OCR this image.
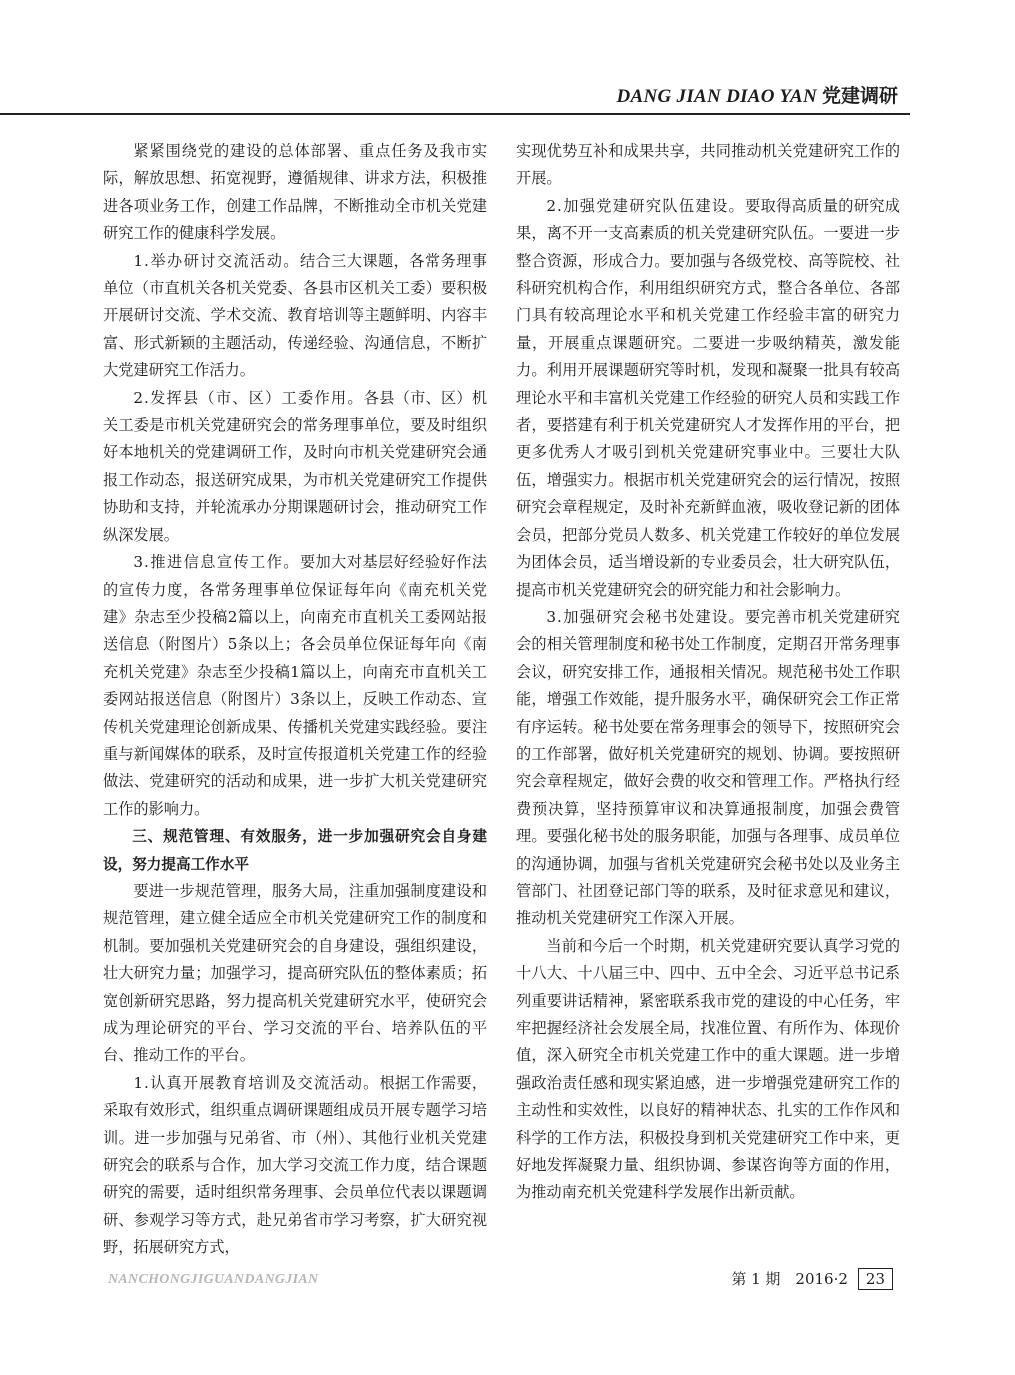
DANG JIAN DIAO YAN 党建调研

紧紧围绕党的建设的总体部署、重点任务及我市实际，解放思想、拓宽视野，遵循规律、讲求方法，积极推进各项业务工作，创建工作品牌，不断推动全市机关党建研究工作的健康科学发展。

1.举办研讨交流活动。结合三大课题，各常务理事单位（市直机关各机关党委、各县市区机关工委）要积极开展研讨交流、学术交流、教育培训等主题鲜明、内容丰富、形式新颖的主题活动，传递经验、沟通信息，不断扩大党建研究工作活力。

2.发挥县（市、区）工委作用。各县（市、区）机关工委是市机关党建研究会的常务理事单位，要及时组织好本地机关的党建调研工作，及时向市机关党建研究会通报工作动态，报送研究成果，为市机关党建研究工作提供协助和支持，并轮流承办分期课题研讨会，推动研究工作纵深发展。

3.推进信息宣传工作。要加大对基层好经验好作法的宣传力度，各常务理事单位保证每年向《南充机关党建》杂志至少投稿2篇以上，向南充市直机关工委网站报送信息（附图片）5条以上；各会员单位保证每年向《南充机关党建》杂志至少投稿1篇以上，向南充市直机关工委网站报送信息（附图片）3条以上，反映工作动态、宣传机关党建理论创新成果、传播机关党建实践经验。要注重与新闻媒体的联系，及时宣传报道机关党建工作的经验做法、党建研究的活动和成果，进一步扩大机关党建研究工作的影响力。

三、规范管理、有效服务，进一步加强研究会自身建设，努力提高工作水平

要进一步规范管理，服务大局，注重加强制度建设和规范管理，建立健全适应全市机关党建研究工作的制度和机制。要加强机关党建研究会的自身建设，强组织建设，壮大研究力量；加强学习，提高研究队伍的整体素质；拓宽创新研究思路，努力提高机关党建研究水平，使研究会成为理论研究的平台、学习交流的平台、培养队伍的平台、推动工作的平台。

1.认真开展教育培训及交流活动。根据工作需要，采取有效形式，组织重点调研课题组成员开展专题学习培训。进一步加强与兄弟省、市（州）、其他行业机关党建研究会的联系与合作，加大学习交流工作力度，结合课题研究的需要，适时组织常务理事、会员单位代表以课题调研、参观学习等方式，赴兄弟省市学习考察，扩大研究视野，拓展研究方式，

实现优势互补和成果共享，共同推动机关党建研究工作的开展。

2.加强党建研究队伍建设。要取得高质量的研究成果，离不开一支高素质的机关党建研究队伍。一要进一步整合资源，形成合力。要加强与各级党校、高等院校、社科研究机构合作，利用组织研究方式，整合各单位、各部门具有较高理论水平和机关党建工作经验丰富的研究力量，开展重点课题研究。二要进一步吸纳精英，激发能力。利用开展课题研究等时机，发现和凝聚一批具有较高理论水平和丰富机关党建工作经验的研究人员和实践工作者，要搭建有利于机关党建研究人才发挥作用的平台，把更多优秀人才吸引到机关党建研究事业中。三要壮大队伍，增强实力。根据市机关党建研究会的运行情况，按照研究会章程规定，及时补充新鲜血液，吸收登记新的团体会员，把部分党员人数多、机关党建工作较好的单位发展为团体会员，适当增设新的专业委员会，壮大研究队伍，提高市机关党建研究会的研究能力和社会影响力。

3.加强研究会秘书处建设。要完善市机关党建研究会的相关管理制度和秘书处工作制度，定期召开常务理事会议，研究安排工作，通报相关情况。规范秘书处工作职能，增强工作效能，提升服务水平，确保研究会工作正常有序运转。秘书处要在常务理事会的领导下，按照研究会的工作部署，做好机关党建研究的规划、协调。要按照研究会章程规定，做好会费的收交和管理工作。严格执行经费预决算，坚持预算审议和决算通报制度，加强会费管理。要强化秘书处的服务职能，加强与各理事、成员单位的沟通协调，加强与省机关党建研究会秘书处以及业务主管部门、社团登记部门等的联系，及时征求意见和建议，推动机关党建研究工作深入开展。

当前和今后一个时期，机关党建研究要认真学习党的十八大、十八届三中、四中、五中全会、习近平总书记系列重要讲话精神，紧密联系我市党的建设的中心任务，牢牢把握经济社会发展全局，找准位置、有所作为、体现价值，深入研究全市机关党建工作中的重大课题。进一步增强政治责任感和现实紧迫感，进一步增强党建研究工作的主动性和实效性，以良好的精神状态、扎实的工作作风和科学的工作方法，积极投身到机关党建研究工作中来，更好地发挥凝聚力量、组织协调、参谋咨询等方面的作用，为推动南充机关党建科学发展作出新贡献。

NANCHONGJIGUANDANGJIAN	第 1 期　2016·2 23
